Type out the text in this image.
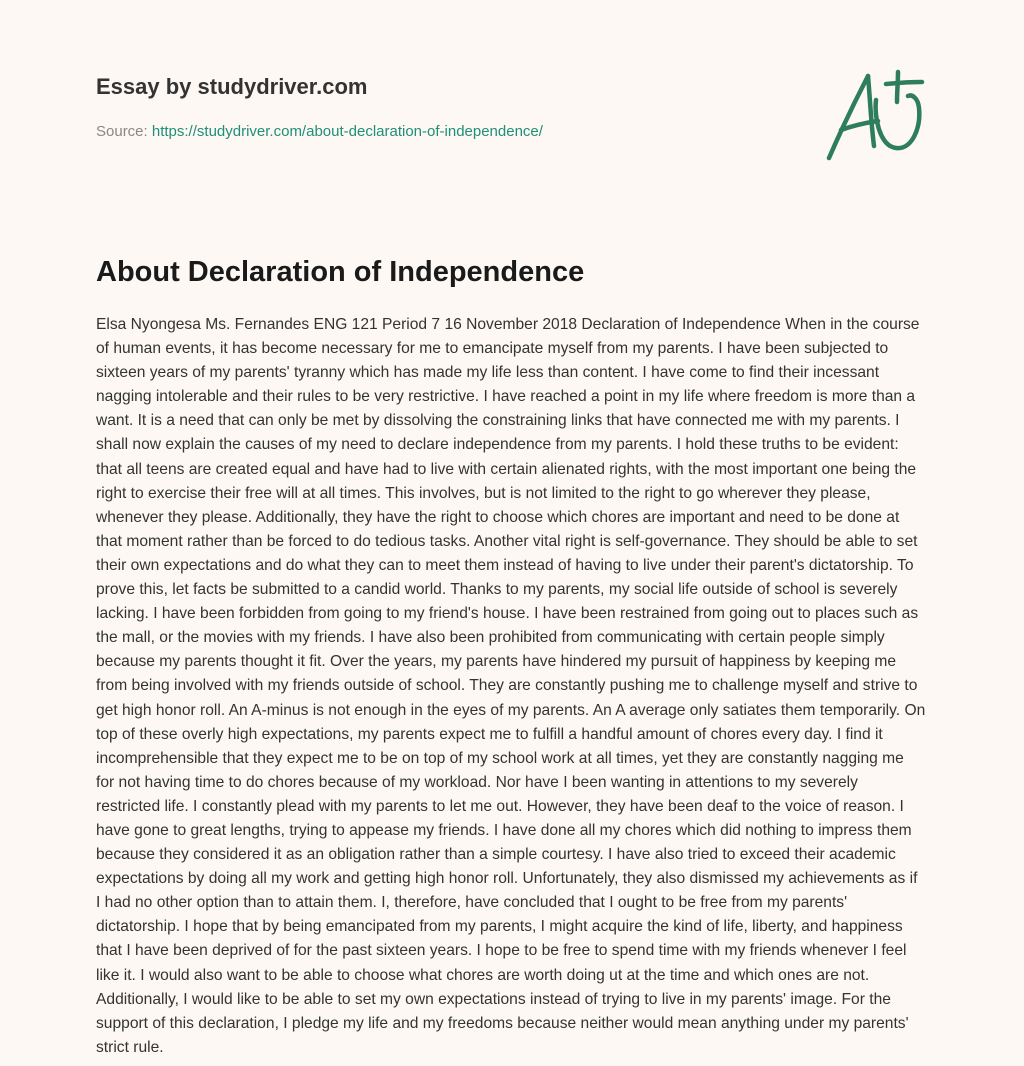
Essay by studydriver.com
Source: https://studydriver.com/about-declaration-of-independence/
About Declaration of Independence

Elsa Nyongesa Ms. Fernandes ENG 121 Period 7 16 November 2018 Declaration of Independence When in the course of human events, it has become necessary for me to emancipate myself from my parents. I have been subjected to sixteen years of my parents' tyranny which has made my life less than content. I have come to find their incessant nagging intolerable and their rules to be very restrictive. I have reached a point in my life where freedom is more than a want. It is a need that can only be met by dissolving the constraining links that have connected me with my parents. I shall now explain the causes of my need to declare independence from my parents. I hold these truths to be evident: that all teens are created equal and have had to live with certain alienated rights, with the most important one being the right to exercise their free will at all times. This involves, but is not limited to the right to go wherever they please, whenever they please. Additionally, they have the right to choose which chores are important and need to be done at that moment rather than be forced to do tedious tasks. Another vital right is self-governance. They should be able to set their own expectations and do what they can to meet them instead of having to live under their parent's dictatorship. To prove this, let facts be submitted to a candid world. Thanks to my parents, my social life outside of school is severely lacking. I have been forbidden from going to my friend's house. I have been restrained from going out to places such as the mall, or the movies with my friends. I have also been prohibited from communicating with certain people simply because my parents thought it fit. Over the years, my parents have hindered my pursuit of happiness by keeping me from being involved with my friends outside of school. They are constantly pushing me to challenge myself and strive to get high honor roll. An A-minus is not enough in the eyes of my parents. An A average only satiates them temporarily. On top of these overly high expectations, my parents expect me to fulfill a handful amount of chores every day. I find it incomprehensible that they expect me to be on top of my school work at all times, yet they are constantly nagging me for not having time to do chores because of my workload. Nor have I been wanting in attentions to my severely restricted life. I constantly plead with my parents to let me out. However, they have been deaf to the voice of reason. I have gone to great lengths, trying to appease my friends. I have done all my chores which did nothing to impress them because they considered it as an obligation rather than a simple courtesy. I have also tried to exceed their academic expectations by doing all my work and getting high honor roll. Unfortunately, they also dismissed my achievements as if I had no other option than to attain them. I, therefore, have concluded that I ought to be free from my parents' dictatorship. I hope that by being emancipated from my parents, I might acquire the kind of life, liberty, and happiness that I have been deprived of for the past sixteen years. I hope to be free to spend time with my friends whenever I feel like it. I would also want to be able to choose what chores are worth doing ut at the time and which ones are not. Additionally, I would like to be able to set my own expectations instead of trying to live in my parents' image. For the support of this declaration, I pledge my life and my freedoms because neither would mean anything under my parents' strict rule.
